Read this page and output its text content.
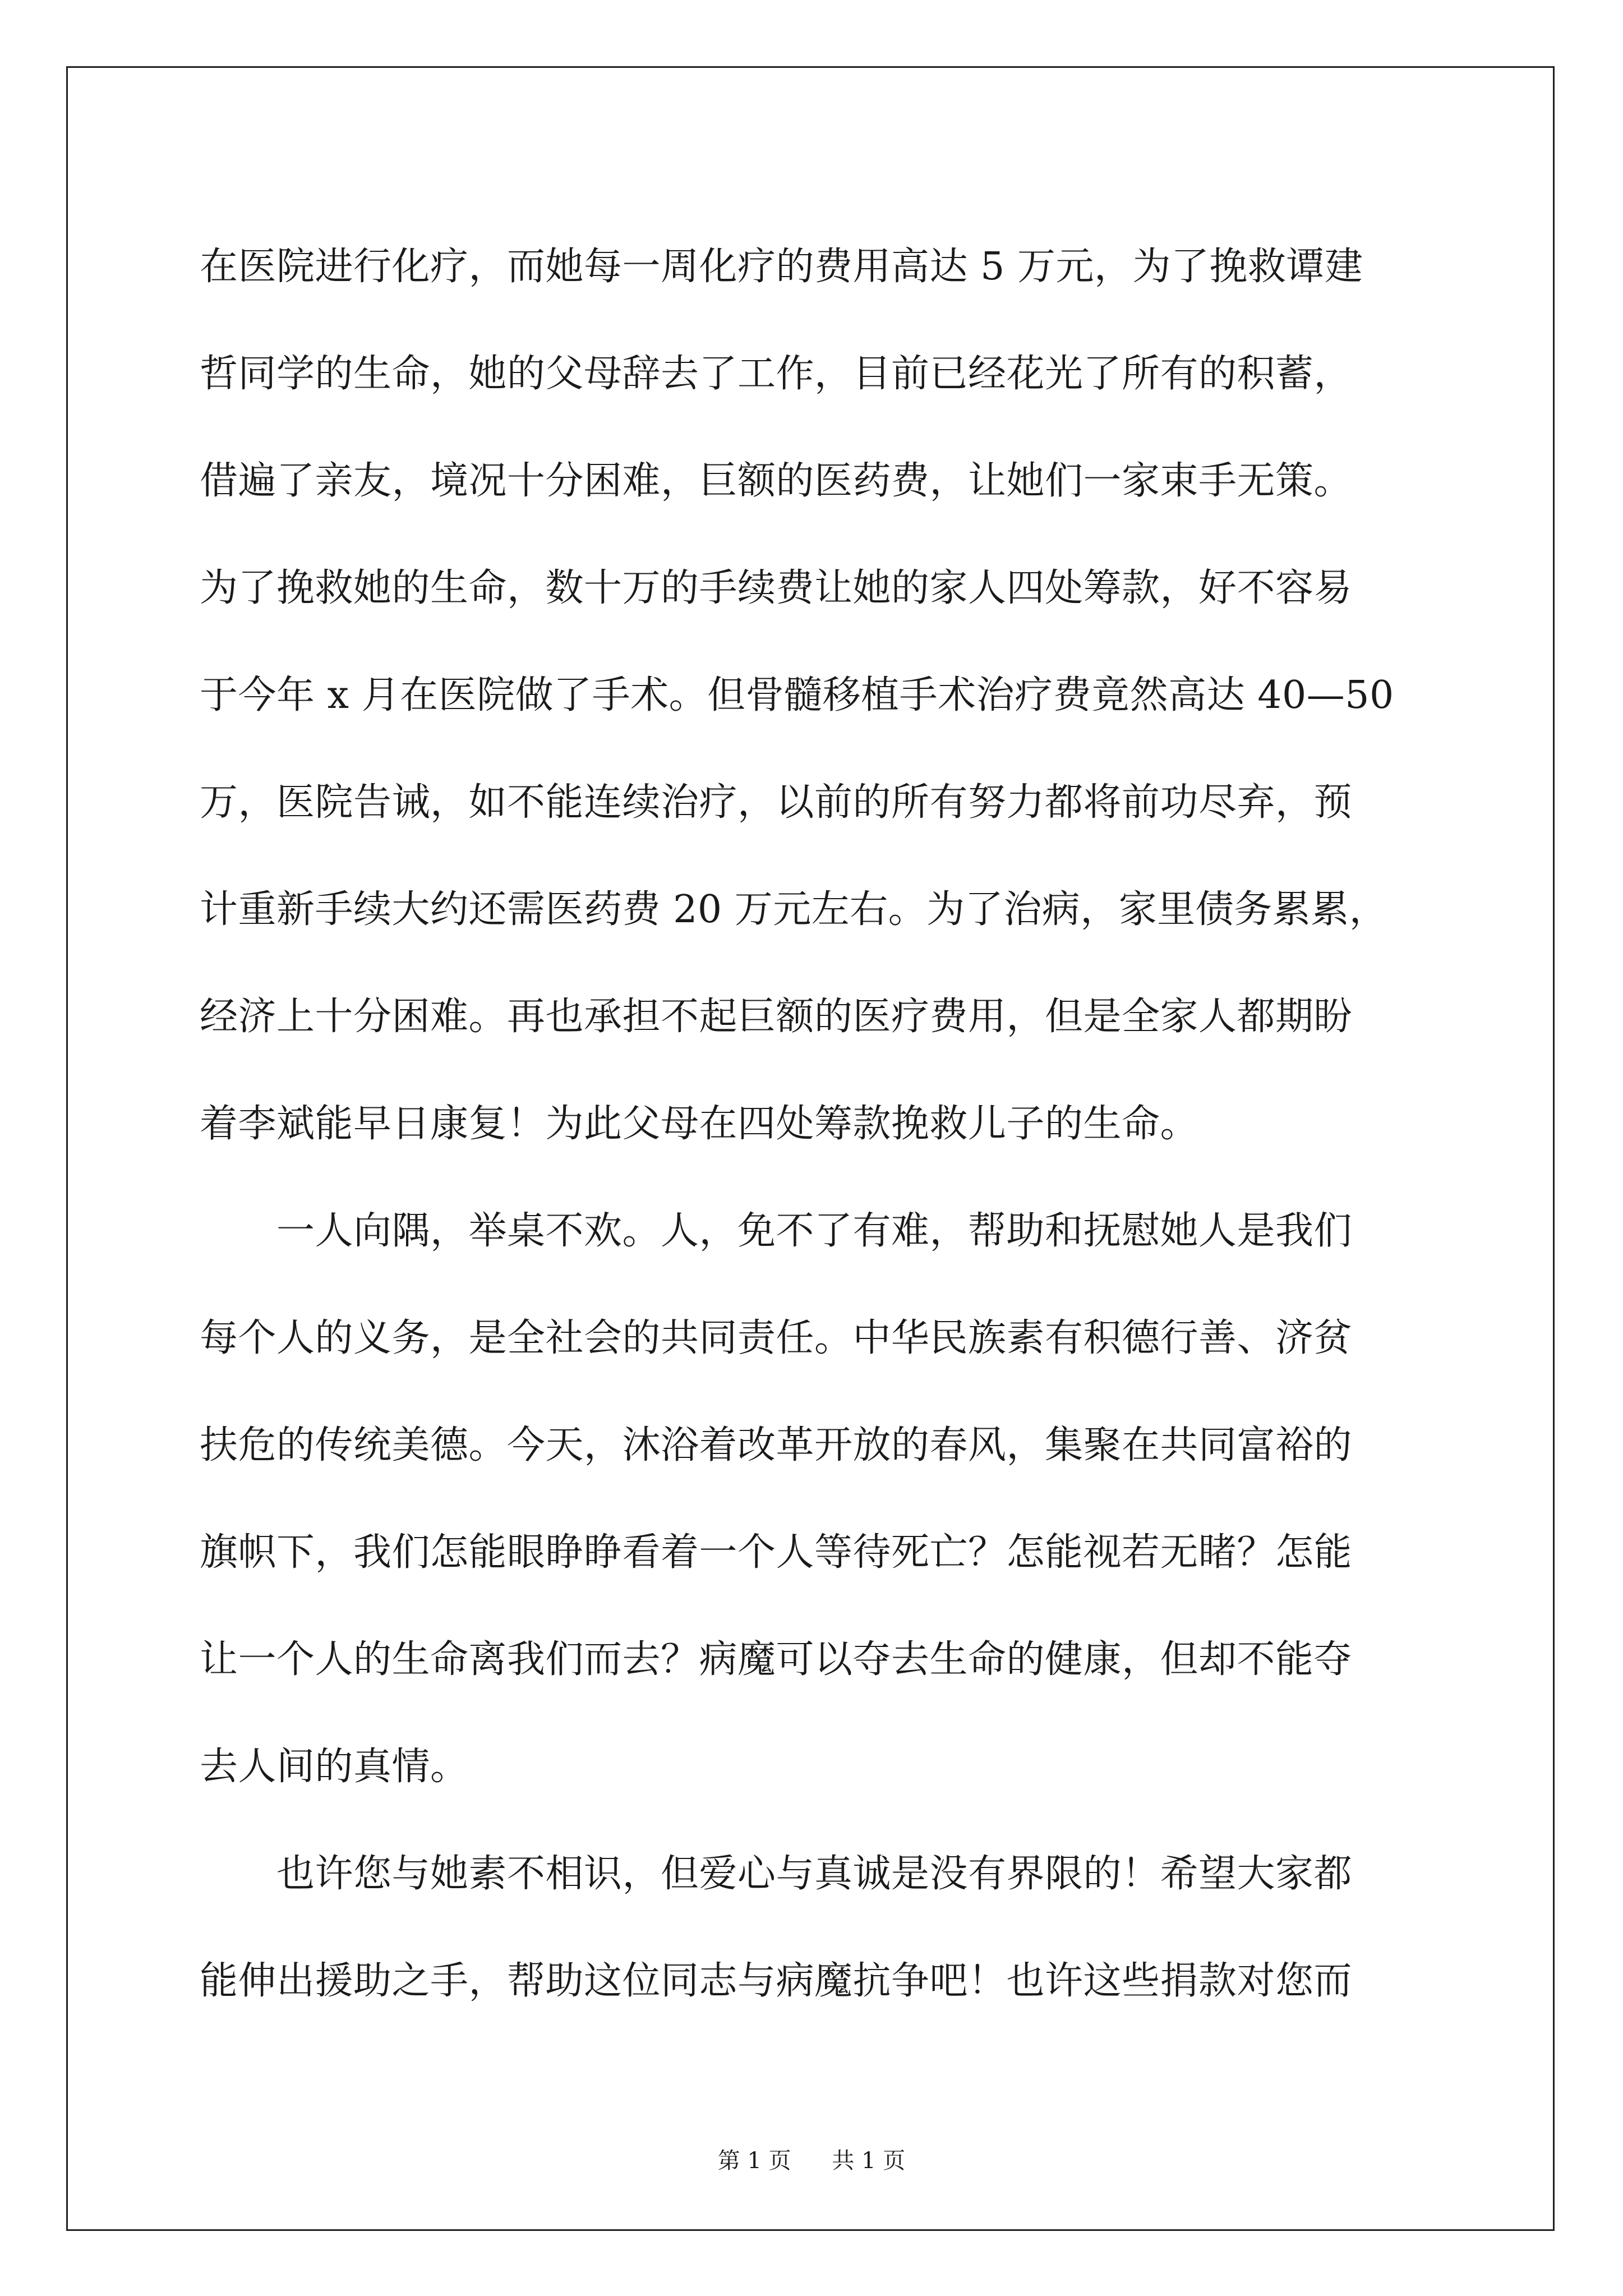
在医院进行化疗，而她每一周化疗的费用高达 5 万元，为了挽救谭建
哲同学的生命，她的父母辞去了工作，目前已经花光了所有的积蓄，
借遍了亲友，境况十分困难，巨额的医药费，让她们一家束手无策。
为了挽救她的生命，数十万的手续费让她的家人四处筹款，好不容易
于今年 x 月在医院做了手术。但骨髓移植手术治疗费竟然高达 40—50
万，医院告诫，如不能连续治疗，以前的所有努力都将前功尽弃，预
计重新手续大约还需医药费 20 万元左右。为了治病，家里债务累累，
经济上十分困难。再也承担不起巨额的医疗费用，但是全家人都期盼
着李斌能早日康复！为此父母在四处筹款挽救儿子的生命。
　　一人向隅，举桌不欢。人，免不了有难，帮助和抚慰她人是我们
每个人的义务，是全社会的共同责任。中华民族素有积德行善、济贫
扶危的传统美德。今天，沐浴着改革开放的春风，集聚在共同富裕的
旗帜下，我们怎能眼睁睁看着一个人等待死亡？怎能视若无睹？怎能
让一个人的生命离我们而去？病魔可以夺去生命的健康，但却不能夺
去人间的真情。
　　也许您与她素不相识，但爱心与真诚是没有界限的！希望大家都
能伸出援助之手，帮助这位同志与病魔抗争吧！也许这些捐款对您而
第 1 页 共 1 页
